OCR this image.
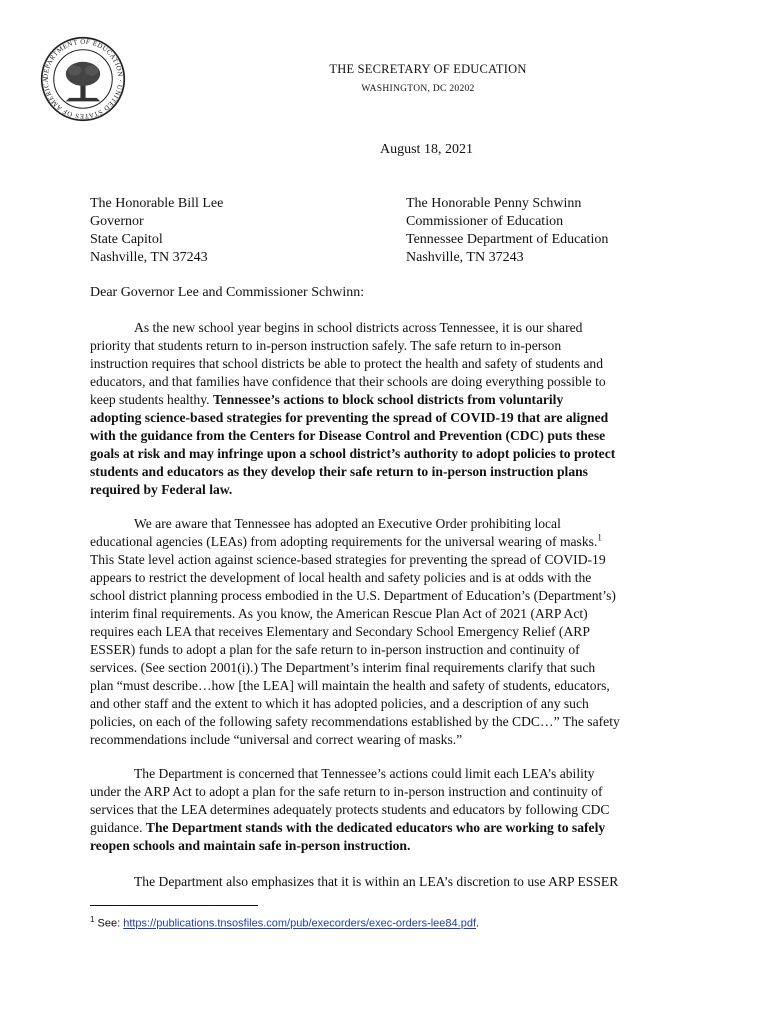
DEPARTMENT OF EDUCATION · UNITED STATES OF AMERICA
THE SECRETARY OF EDUCATION
WASHINGTON, DC 20202
August 18, 2021
The Honorable Bill Lee
Governor
State Capitol
Nashville, TN 37243
The Honorable Penny Schwinn
Commissioner of Education
Tennessee Department of Education
Nashville, TN 37243
Dear Governor Lee and Commissioner Schwinn:
As the new school year begins in school districts across Tennessee, it is our shared
priority that students return to in-person instruction safely. The safe return to in-person
instruction requires that school districts be able to protect the health and safety of students and
educators, and that families have confidence that their schools are doing everything possible to
keep students healthy. Tennessee’s actions to block school districts from voluntarily
adopting science-based strategies for preventing the spread of COVID-19 that are aligned
with the guidance from the Centers for Disease Control and Prevention (CDC) puts these
goals at risk and may infringe upon a school district’s authority to adopt policies to protect
students and educators as they develop their safe return to in-person instruction plans
required by Federal law.
We are aware that Tennessee has adopted an Executive Order prohibiting local
educational agencies (LEAs) from adopting requirements for the universal wearing of masks.$^1$
This State level action against science-based strategies for preventing the spread of COVID-19
appears to restrict the development of local health and safety policies and is at odds with the
school district planning process embodied in the U.S. Department of Education’s (Department’s)
interim final requirements. As you know, the American Rescue Plan Act of 2021 (ARP Act)
requires each LEA that receives Elementary and Secondary School Emergency Relief (ARP
ESSER) funds to adopt a plan for the safe return to in-person instruction and continuity of
services. (See section 2001(i).) The Department’s interim final requirements clarify that such
plan “must describe…how [the LEA] will maintain the health and safety of students, educators,
and other staff and the extent to which it has adopted policies, and a description of any such
policies, on each of the following safety recommendations established by the CDC…” The safety
recommendations include “universal and correct wearing of masks.”
The Department is concerned that Tennessee’s actions could limit each LEA’s ability
under the ARP Act to adopt a plan for the safe return to in-person instruction and continuity of
services that the LEA determines adequately protects students and educators by following CDC
guidance. The Department stands with the dedicated educators who are working to safely
reopen schools and maintain safe in-person instruction.
The Department also emphasizes that it is within an LEA’s discretion to use ARP ESSER
$^1$ See: https://publications.tnsosfiles.com/pub/execorders/exec-orders-lee84.pdf.
